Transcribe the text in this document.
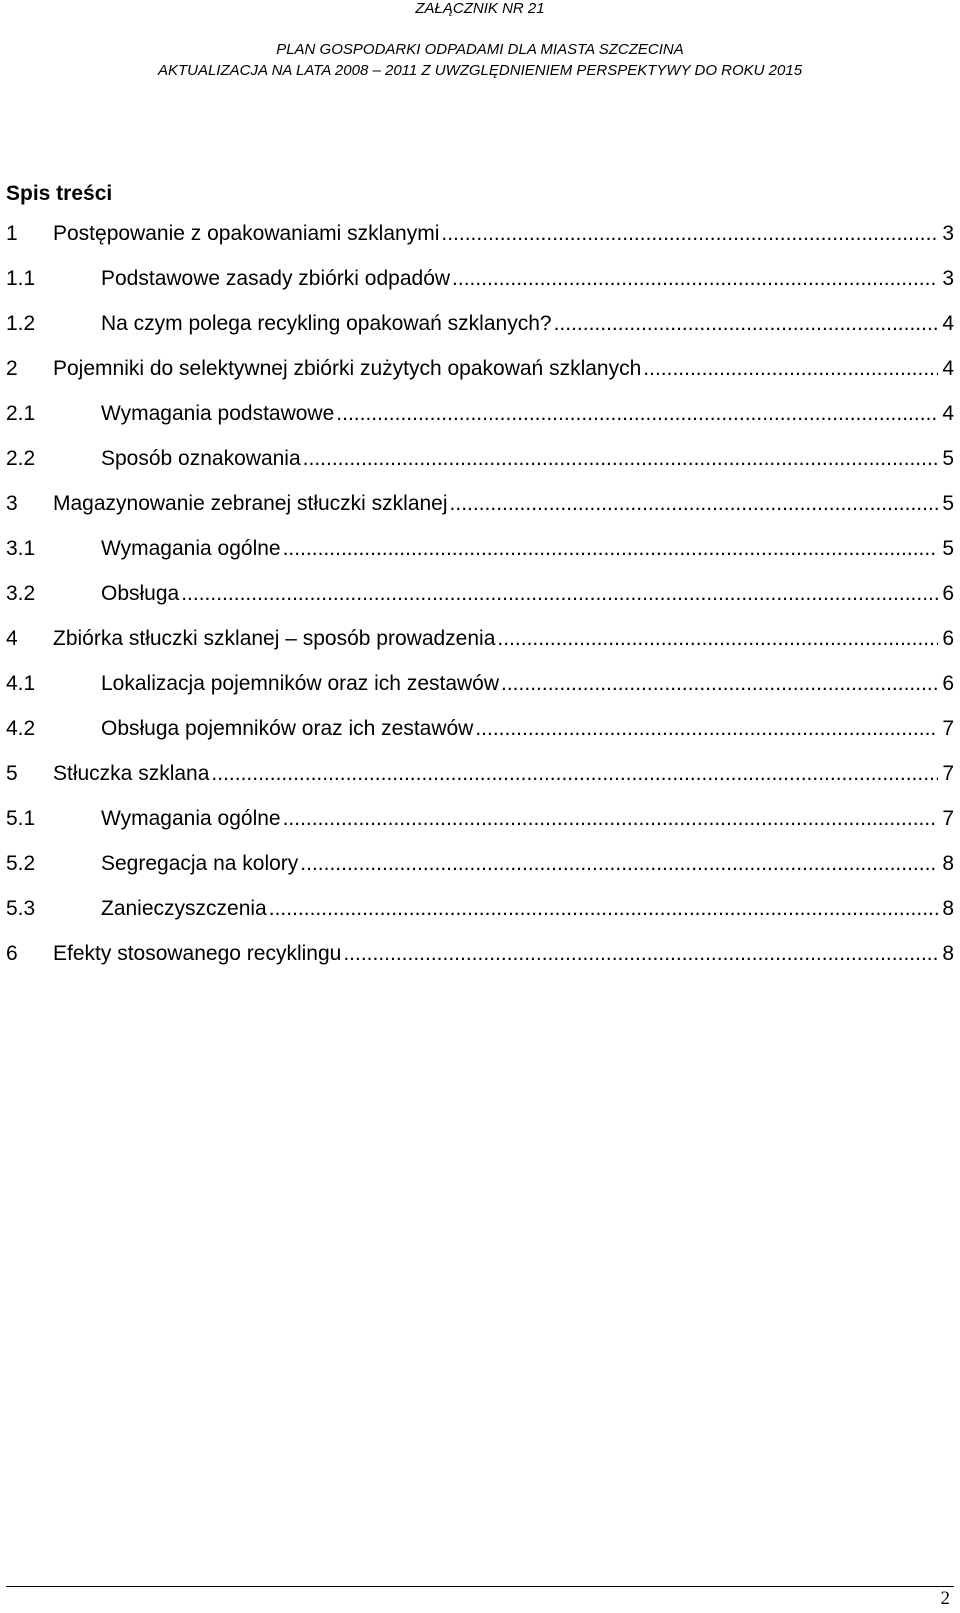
ZAŁĄCZNIK NR 21
PLAN GOSPODARKI ODPADAMI DLA MIASTA SZCZECINA
AKTUALIZACJA NA LATA 2008 – 2011 Z UWZGLĘDNIENIEM PERSPEKTYWY DO ROKU 2015
Spis treści
1 Postępowanie z opakowaniami szklanymi .....	3
1.1	Podstawowe zasady zbiórki odpadów .....	3
1.2	Na czym polega recykling opakowań szklanych? .....	4
2 Pojemniki do selektywnej zbiórki zużytych opakowań szklanych .....	4
2.1	Wymagania podstawowe .....	4
2.2	Sposób oznakowania .....	5
3 Magazynowanie zebranej stłuczki szklanej .....	5
3.1	Wymagania ogólne .....	5
3.2	Obsługa .....	6
4 Zbiórka stłuczki szklanej – sposób prowadzenia .....	6
4.1	Lokalizacja pojemników oraz ich zestawów .....	6
4.2	Obsługa pojemników oraz ich zestawów .....	7
5 Stłuczka szklana .....	7
5.1	Wymagania ogólne .....	7
5.2	Segregacja na kolory .....	8
5.3	Zanieczyszczenia .....	8
6 Efekty stosowanego recyklingu .....	8
2
